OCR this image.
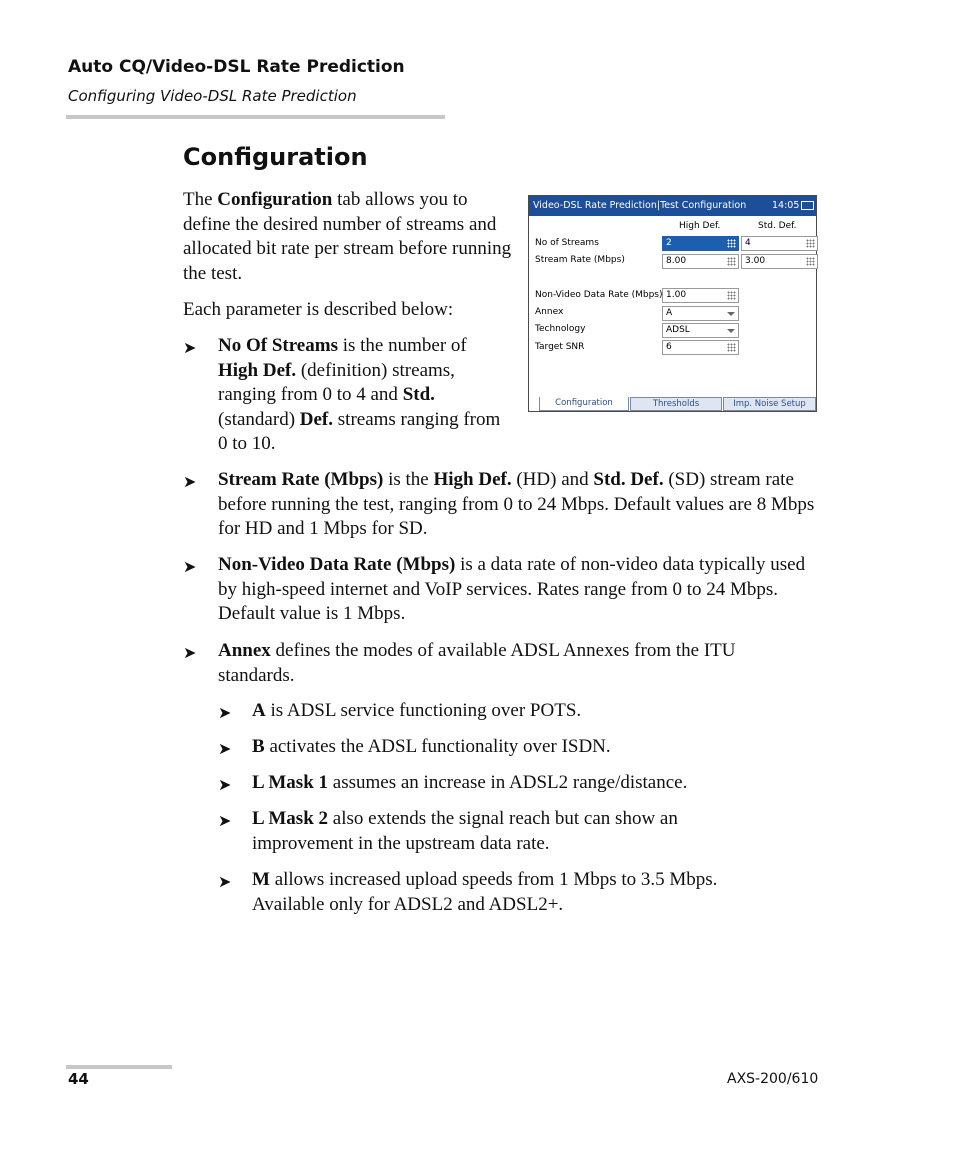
Auto CQ/Video-DSL Rate Prediction
Configuring Video-DSL Rate Prediction
Configuration

The Configuration tab allows you to define the desired number of streams and allocated bit rate per stream before running the test.

Each parameter is described below:

➤ No Of Streams is the number of High Def. (definition) streams, ranging from 0 to 4 and Std. (standard) Def. streams ranging from 0 to 10.

Video-DSL Rate Prediction|Test Configuration	14:05
High Def.	Std. Def.
No of Streams	2	4
Stream Rate (Mbps)	8.00	3.00
Non-Video Data Rate (Mbps) 1.00
Annex	A
Technology	ADSL
Target SNR	6
Configuration	Thresholds	Imp. Noise Setup
➤ Stream Rate (Mbps) is the High Def. (HD) and Std. Def. (SD) stream rate before running the test, ranging from 0 to 24 Mbps. Default values are 8 Mbps for HD and 1 Mbps for SD.

➤ Non-Video Data Rate (Mbps) is a data rate of non-video data typically used by high-speed internet and VoIP services. Rates range from 0 to 24 Mbps. Default value is 1 Mbps.

➤ Annex defines the modes of available ADSL Annexes from the ITU standards.

➤ A is ADSL service functioning over POTS.

➤ B activates the ADSL functionality over ISDN.

➤ L Mask 1 assumes an increase in ADSL2 range/distance.

➤ L Mask 2 also extends the signal reach but can show an improvement in the upstream data rate.

➤ M allows increased upload speeds from 1 Mbps to 3.5 Mbps. Available only for ADSL2 and ADSL2+.

44	AXS-200/610
